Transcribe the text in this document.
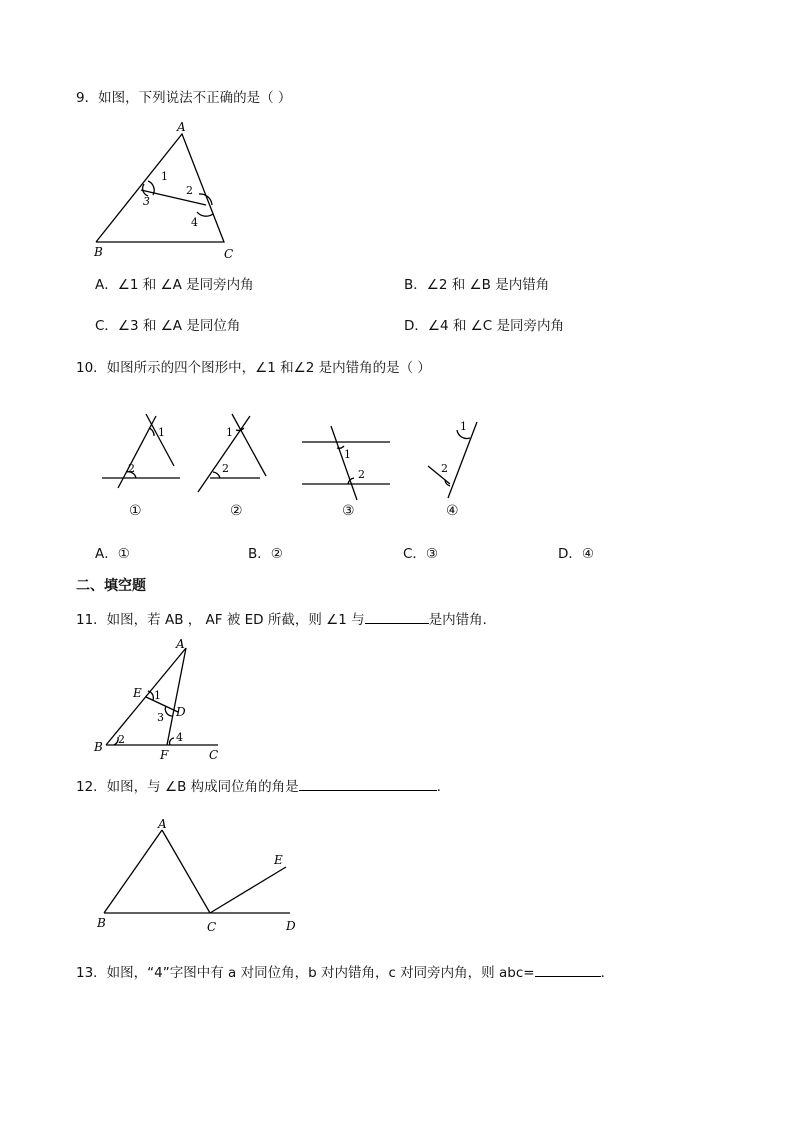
9．如图，下列说法不正确的是（ ）
A
B	C
1
2
3
4
1
2
1
2
1
2
1
2
A
B
C
D
E
F
1
2
3
4
A
B	C	D
E
A．∠1 和 ∠A 是同旁内角	B．∠2 和 ∠B 是内错角
C．∠3 和 ∠A 是同位角	D．∠4 和 ∠C 是同旁内角
10．如图所示的四个图形中，∠1 和∠2 是内错角的是（ ）
①	②	③	④
A．①	B．②	C．③	D．④
二、填空题
11．如图，若 AB ， AF 被 ED 所截，则 ∠1 与	是内错角．
12．如图，与 ∠B 构成同位角的角是	.
13．如图，“4”字图中有 a 对同位角，b 对内错角，c 对同旁内角，则 abc=	．
